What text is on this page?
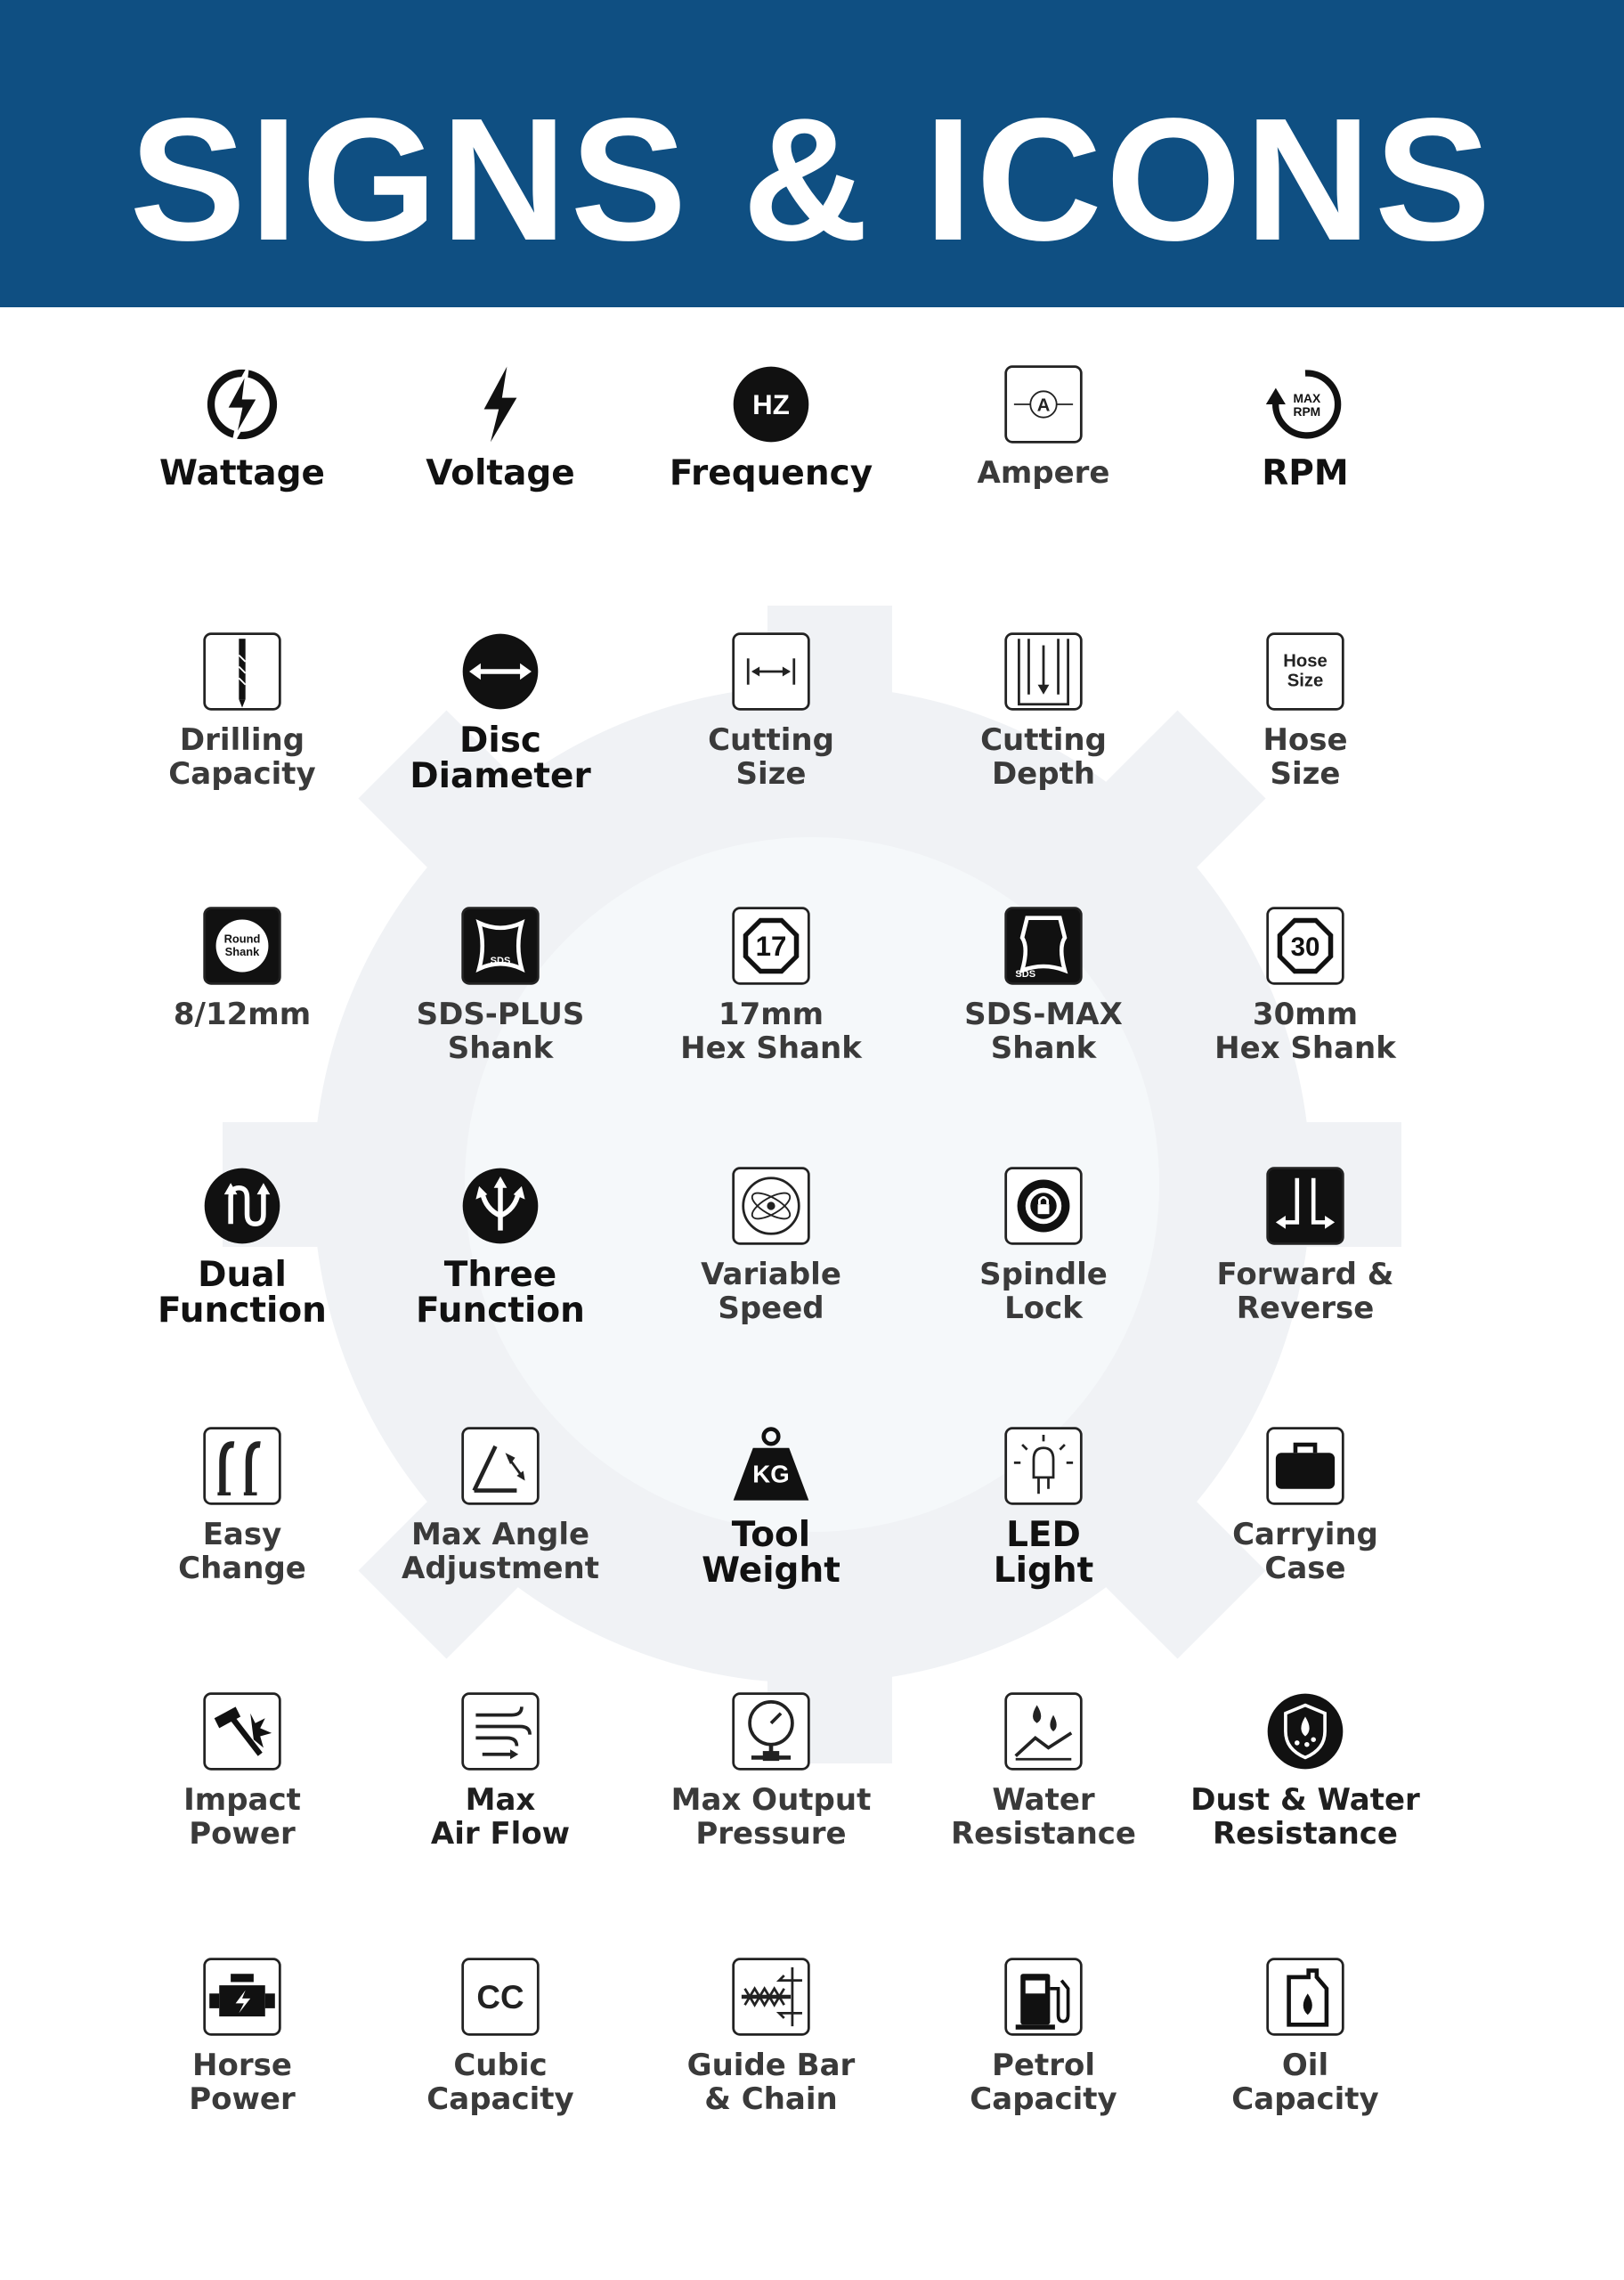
SIGNS & ICONS
Wattage	Voltage
HZ
Frequency
A
Ampere
MAX
RPM
RPM
Drilling
Capacity
Disc
Diameter
Cutting
Size
Cutting
Depth
Hose
Size
Hose
Size
Round
Shank
8/12mm
SDS
SDS-PLUS
Shank
17
17mm
Hex Shank
SDS
SDS-MAX
Shank
30
30mm
Hex Shank
Dual
Function
Three
Function
Variable
Speed
Spindle
Lock
Forward &
Reverse
Easy
Change
Max Angle
Adjustment
KG
Tool
Weight
LED
Light
Carrying
Case
Impact
Power
Max
Air Flow
Max Output
Pressure
Water
Resistance
Dust & Water
Resistance
Horse
Power
CC
Cubic
Capacity
Guide Bar
& Chain
Petrol
Capacity
Oil
Capacity
